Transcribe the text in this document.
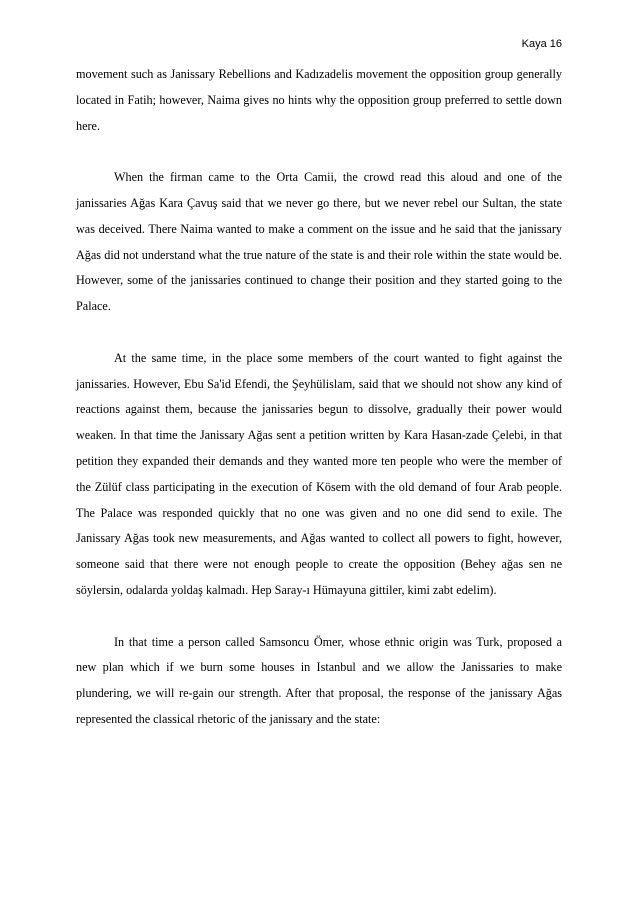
Kaya 16

movement such as Janissary Rebellions and Kadızadelis movement the opposition group generally located in Fatih; however, Naima gives no hints why the opposition group preferred to settle down here.

When the firman came to the Orta Camii, the crowd read this aloud and one of the janissaries Ağas Kara Çavuş said that we never go there, but we never rebel our Sultan, the state was deceived. There Naima wanted to make a comment on the issue and he said that the janissary Ağas did not understand what the true nature of the state is and their role within the state would be. However, some of the janissaries continued to change their position and they started going to the Palace.

At the same time, in the place some members of the court wanted to fight against the janissaries. However, Ebu Sa'id Efendi, the Şeyhülislam, said that we should not show any kind of reactions against them, because the janissaries begun to dissolve, gradually their power would weaken. In that time the Janissary Ağas sent a petition written by Kara Hasan-zade Çelebi, in that petition they expanded their demands and they wanted more ten people who were the member of the Zülüf class participating in the execution of Kösem with the old demand of four Arab people. The Palace was responded quickly that no one was given and no one did send to exile. The Janissary Ağas took new measurements, and Ağas wanted to collect all powers to fight, however, someone said that there were not enough people to create the opposition (Behey ağas sen ne söylersin, odalarda yoldaş kalmadı. Hep Saray-ı Hümayuna gittiler, kimi zabt edelim).

In that time a person called Samsoncu Ömer, whose ethnic origin was Turk, proposed a new plan which if we burn some houses in Istanbul and we allow the Janissaries to make plundering, we will re-gain our strength. After that proposal, the response of the janissary Ağas represented the classical rhetoric of the janissary and the state:
